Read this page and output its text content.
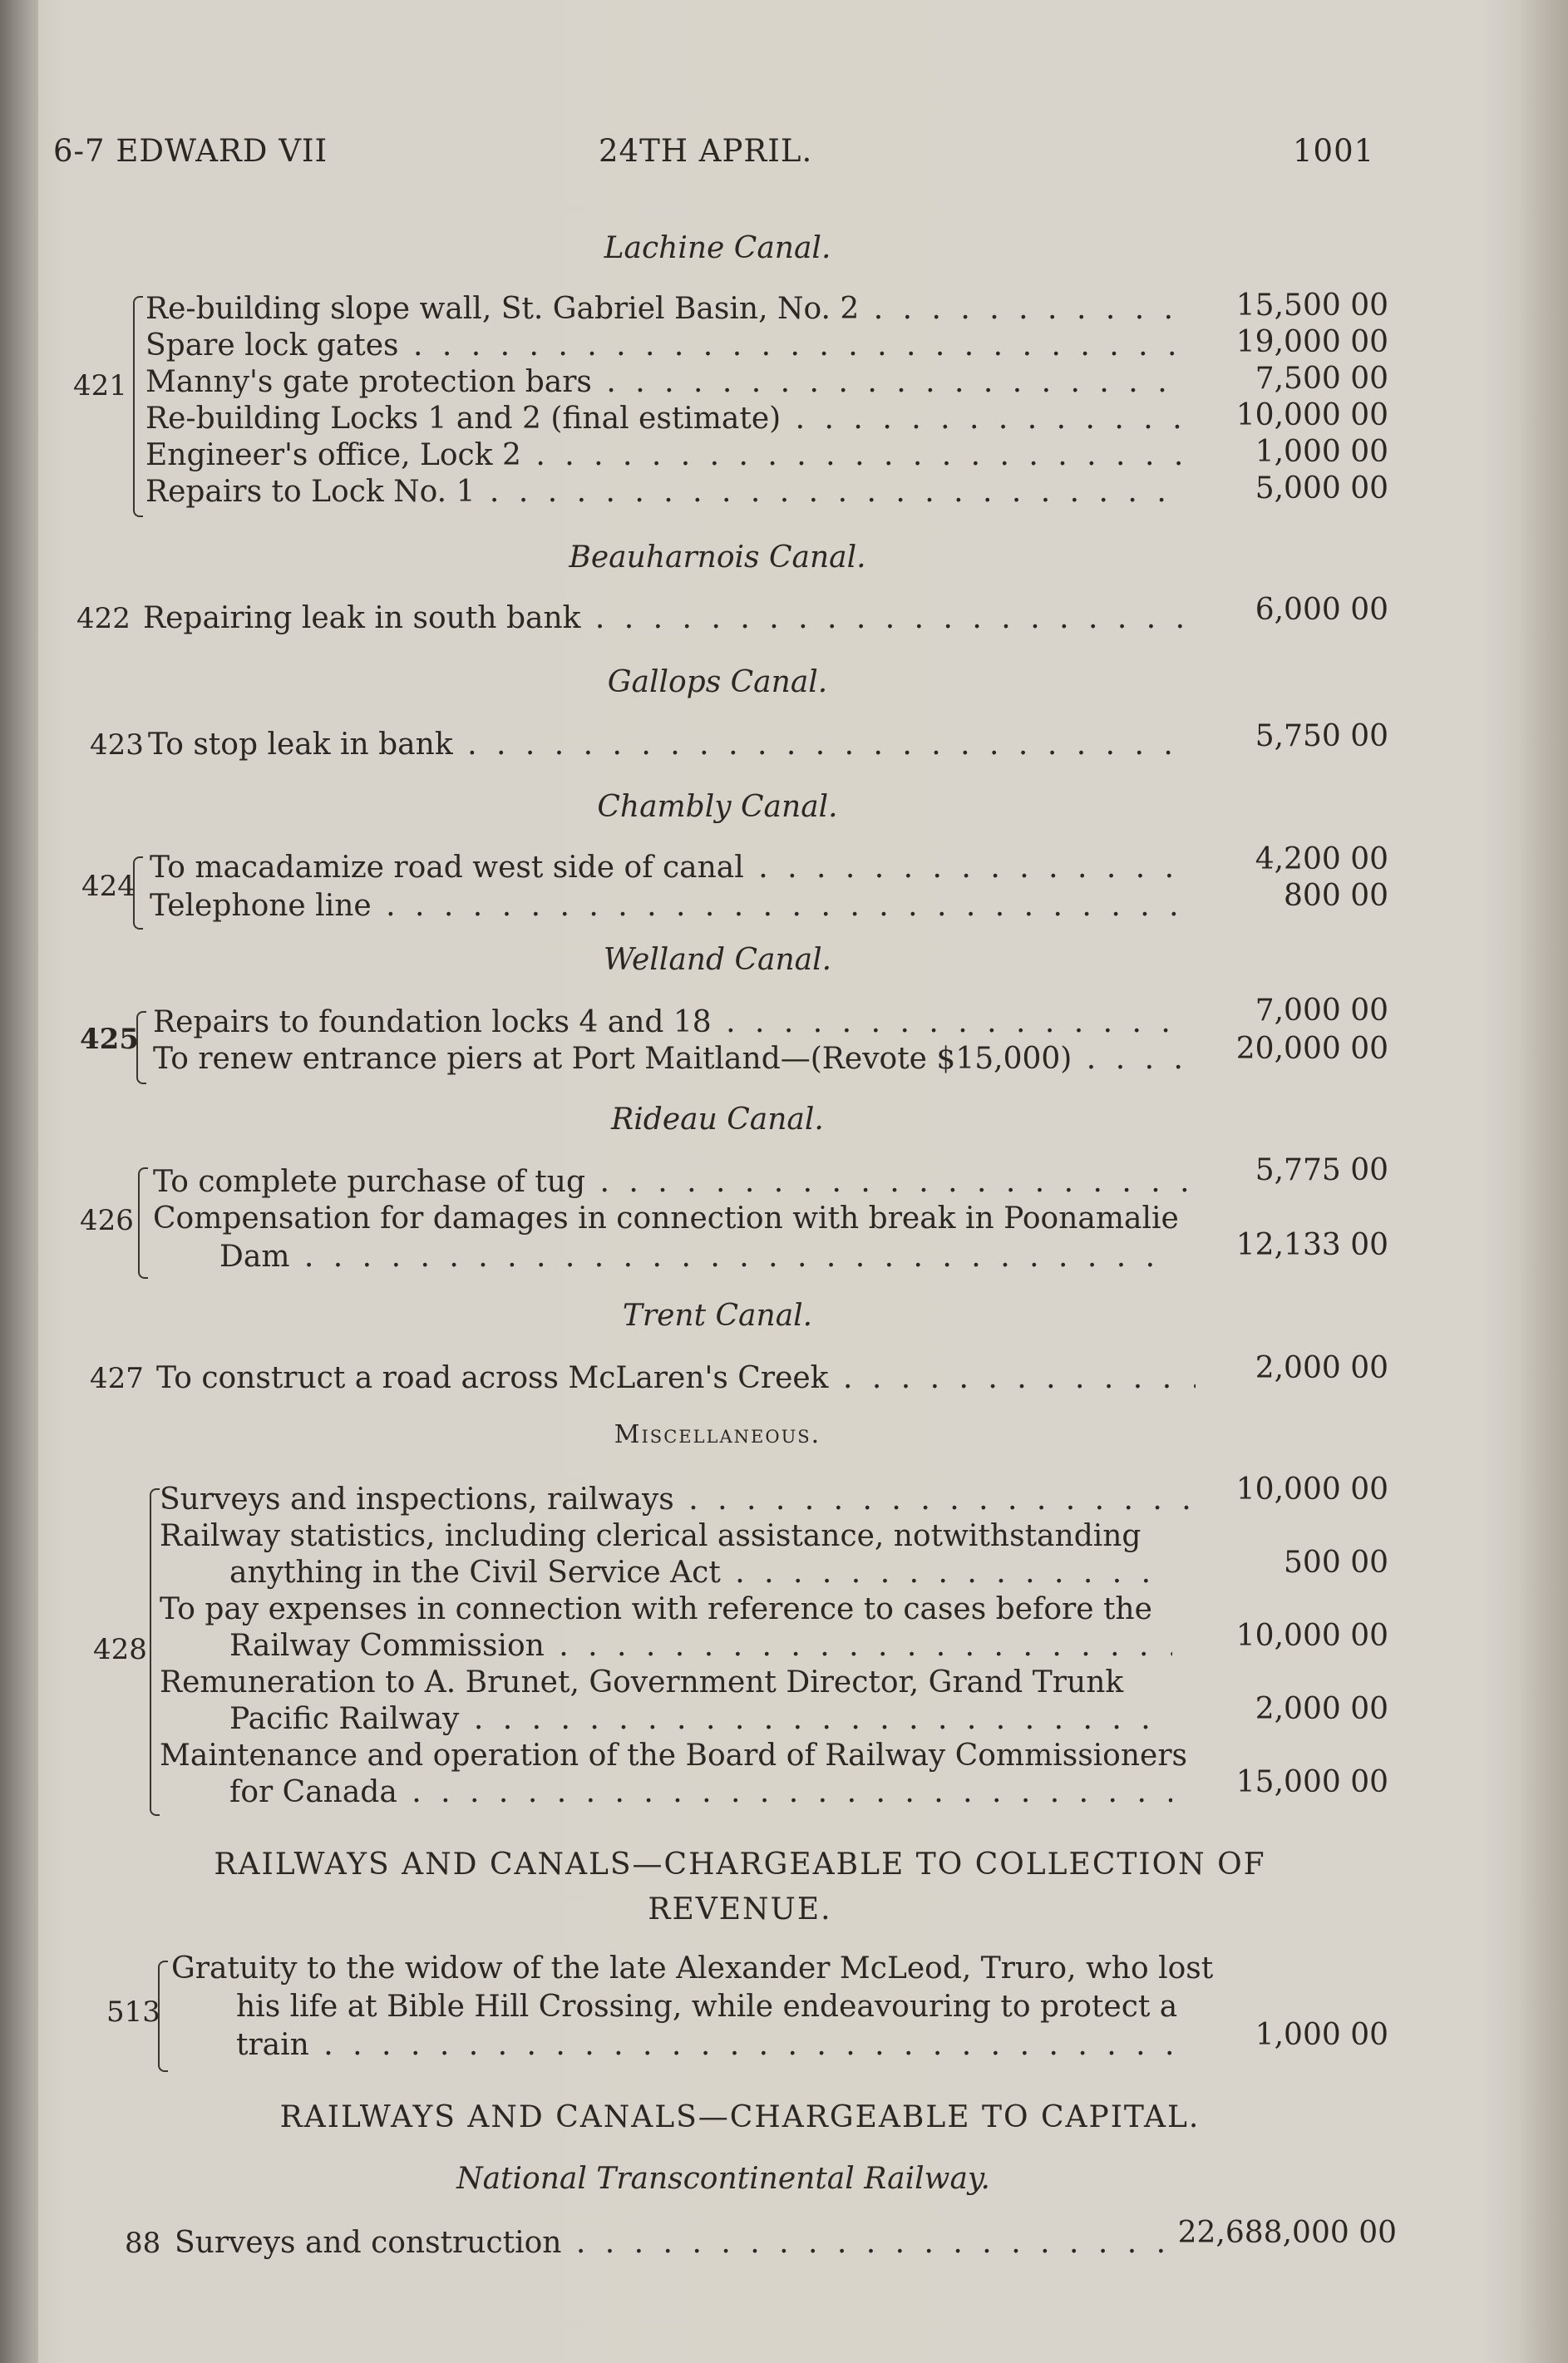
6-7 EDWARD VII	24TH APRIL.	1001
Lachine Canal.
421
Re-building slope wall, St. Gabriel Basin, No. 2 . . .	15,500 00
Spare lock gates . . .	19,000 00
Manny's gate protection bars . . .	7,500 00
Re-building Locks 1 and 2 (final estimate) . . .	10,000 00
Engineer's office, Lock 2 . . .	1,000 00
Repairs to Lock No. 1 . . .	5,000 00
Beauharnois Canal.
422 Repairing leak in south bank . . .	6,000 00
Gallops Canal.
423 To stop leak in bank . . .	5,750 00
Chambly Canal.
424
To macadamize road west side of canal . . .	4,200 00
Telephone line . . .	800 00
Welland Canal.
425 Repairs to foundation locks 4 and 18 . . .	7,000 00
To renew entrance piers at Port Maitland—(Revote $15,000) . . .	20,000 00
Rideau Canal.
426
To complete purchase of tug . . .	5,775 00
Compensation for damages in connection with break in Poonamalie
Dam . . .	12,133 00
Trent Canal.
427 To construct a road across McLaren's Creek . . .	2,000 00
Miscellaneous.
428
Surveys and inspections, railways . . .	10,000 00
Railway statistics, including clerical assistance, notwithstanding
anything in the Civil Service Act . . .	500 00
To pay expenses in connection with reference to cases before the
Railway Commission . . .	10,000 00
Remuneration to A. Brunet, Government Director, Grand Trunk
Pacific Railway . . .	2,000 00
Maintenance and operation of the Board of Railway Commissioners
for Canada . . .	15,000 00
RAILWAYS AND CANALS—CHARGEABLE TO COLLECTION OF REVENUE.
513
Gratuity to the widow of the late Alexander McLeod, Truro, who lost
his life at Bible Hill Crossing, while endeavouring to protect a
train . . .	1,000 00
RAILWAYS AND CANALS—CHARGEABLE TO CAPITAL.
National Transcontinental Railway.
88 Surveys and construction . . .	22,688,000 00
